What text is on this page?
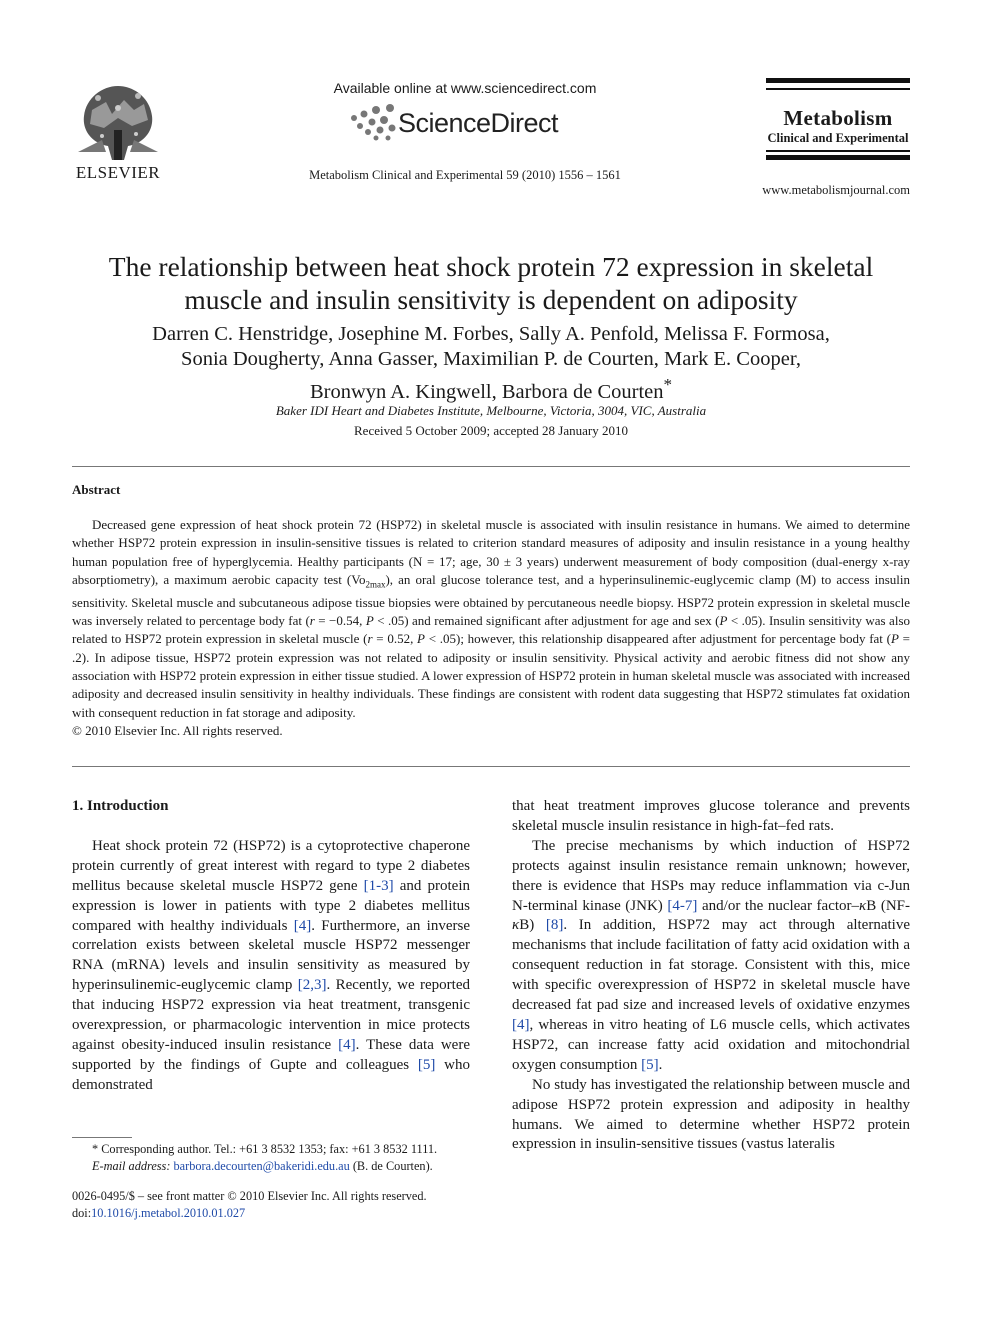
ELSEVIER
Available online at www.sciencedirect.com
ScienceDirect
Metabolism Clinical and Experimental 59 (2010) 1556 – 1561
Metabolism
Clinical and Experimental
www.metabolismjournal.com
The relationship between heat shock protein 72 expression in skeletal
muscle and insulin sensitivity is dependent on adiposity
Darren C. Henstridge, Josephine M. Forbes, Sally A. Penfold, Melissa F. Formosa,
Sonia Dougherty, Anna Gasser, Maximilian P. de Courten, Mark E. Cooper,
Bronwyn A. Kingwell, Barbora de Courten*
Baker IDI Heart and Diabetes Institute, Melbourne, Victoria, 3004, VIC, Australia
Received 5 October 2009; accepted 28 January 2010
Abstract

Decreased gene expression of heat shock protein 72 (HSP72) in skeletal muscle is associated with insulin resistance in humans. We aimed to determine whether HSP72 protein expression in insulin-sensitive tissues is related to criterion standard measures of adiposity and insulin resistance in a young healthy human population free of hyperglycemia. Healthy participants (N = 17; age, 30 ± 3 years) underwent measurement of body composition (dual-energy x-ray absorptiometry), a maximum aerobic capacity test $(Vo_{2max})$, an oral glucose tolerance test, and a hyperinsulinemic-euglycemic clamp (M) to access insulin sensitivity. Skeletal muscle and subcutaneous adipose tissue biopsies were obtained by percutaneous needle biopsy. HSP72 protein expression in skeletal muscle was inversely related to percentage body fat (r = −0.54, P < .05) and remained significant after adjustment for age and sex (P < .05). Insulin sensitivity was also related to HSP72 protein expression in skeletal muscle (r = 0.52, P < .05); however, this relationship disappeared after adjustment for percentage body fat (P = .2). In adipose tissue, HSP72 protein expression was not related to adiposity or insulin sensitivity. Physical activity and aerobic fitness did not show any association with HSP72 protein expression in either tissue studied. A lower expression of HSP72 protein in human skeletal muscle was associated with increased adiposity and decreased insulin sensitivity in healthy individuals. These findings are consistent with rodent data suggesting that HSP72 stimulates fat oxidation with consequent reduction in fat storage and adiposity.

© 2010 Elsevier Inc. All rights reserved.

1. Introduction

Heat shock protein 72 (HSP72) is a cytoprotective chaperone protein currently of great interest with regard to type 2 diabetes mellitus because skeletal muscle HSP72 gene [1-3] and protein expression is lower in patients with type 2 diabetes mellitus compared with healthy individuals [4]. Furthermore, an inverse correlation exists between skeletal muscle HSP72 messenger RNA (mRNA) levels and insulin sensitivity as measured by hyperinsulinemic-euglycemic clamp [2,3]. Recently, we reported that inducing HSP72 expression via heat treatment, transgenic overexpression, or pharmacologic intervention in mice protects against obesity-induced insulin resistance [4]. These data were supported by the findings of Gupte and colleagues [5] who demonstrated

that heat treatment improves glucose tolerance and prevents skeletal muscle insulin resistance in high-fat–fed rats.

The precise mechanisms by which induction of HSP72 protects against insulin resistance remain unknown; however, there is evidence that HSPs may reduce inflammation via c-Jun N-terminal kinase (JNK) [4-7] and/or the nuclear factor–κB (NF-κB) [8]. In addition, HSP72 may act through alternative mechanisms that include facilitation of fatty acid oxidation with a consequent reduction in fat storage. Consistent with this, mice with specific overexpression of HSP72 in skeletal muscle have decreased fat pad size and increased levels of oxidative enzymes [4], whereas in vitro heating of L6 muscle cells, which activates HSP72, can increase fatty acid oxidation and mitochondrial oxygen consumption [5].

No study has investigated the relationship between muscle and adipose HSP72 protein expression and adiposity in healthy humans. We aimed to determine whether HSP72 protein expression in insulin-sensitive tissues (vastus lateralis

* Corresponding author. Tel.: +61 3 8532 1353; fax: +61 3 8532 1111.
E-mail address: barbora.decourten@bakeridi.edu.au (B. de Courten).
0026-0495/$ – see front matter © 2010 Elsevier Inc. All rights reserved.
doi:10.1016/j.metabol.2010.01.027
